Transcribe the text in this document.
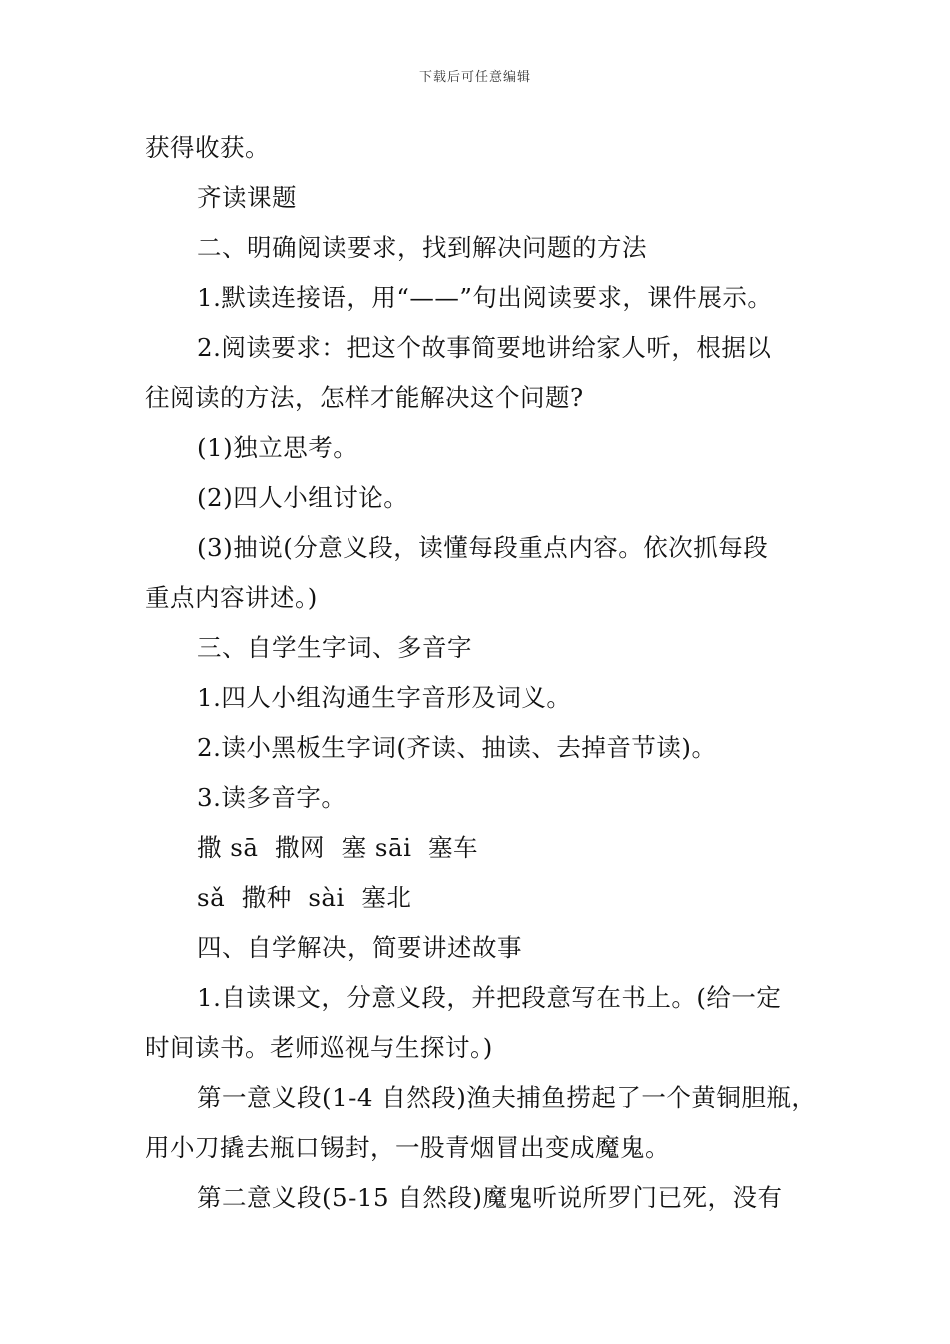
下载后可任意编辑
获得收获。
齐读课题
二、明确阅读要求，找到解决问题的方法
1.默读连接语，用“——”句出阅读要求，课件展示。
2.阅读要求：把这个故事简要地讲给家人听，根据以
往阅读的方法，怎样才能解决这个问题?
(1)独立思考。
(2)四人小组讨论。
(3)抽说(分意义段，读懂每段重点内容。依次抓每段
重点内容讲述。)
三、自学生字词、多音字
1.四人小组沟通生字音形及词义。
2.读小黑板生字词(齐读、抽读、去掉音节读)。
3.读多音字。
撒 sā  撒网  塞 sāi  塞车
sǎ  撒种  sài  塞北
四、自学解决，简要讲述故事
1.自读课文，分意义段，并把段意写在书上。(给一定
时间读书。老师巡视与生探讨。)
第一意义段(1-4 自然段)渔夫捕鱼捞起了一个黄铜胆瓶，
用小刀撬去瓶口锡封，一股青烟冒出变成魔鬼。
第二意义段(5-15 自然段)魔鬼听说所罗门已死，没有
